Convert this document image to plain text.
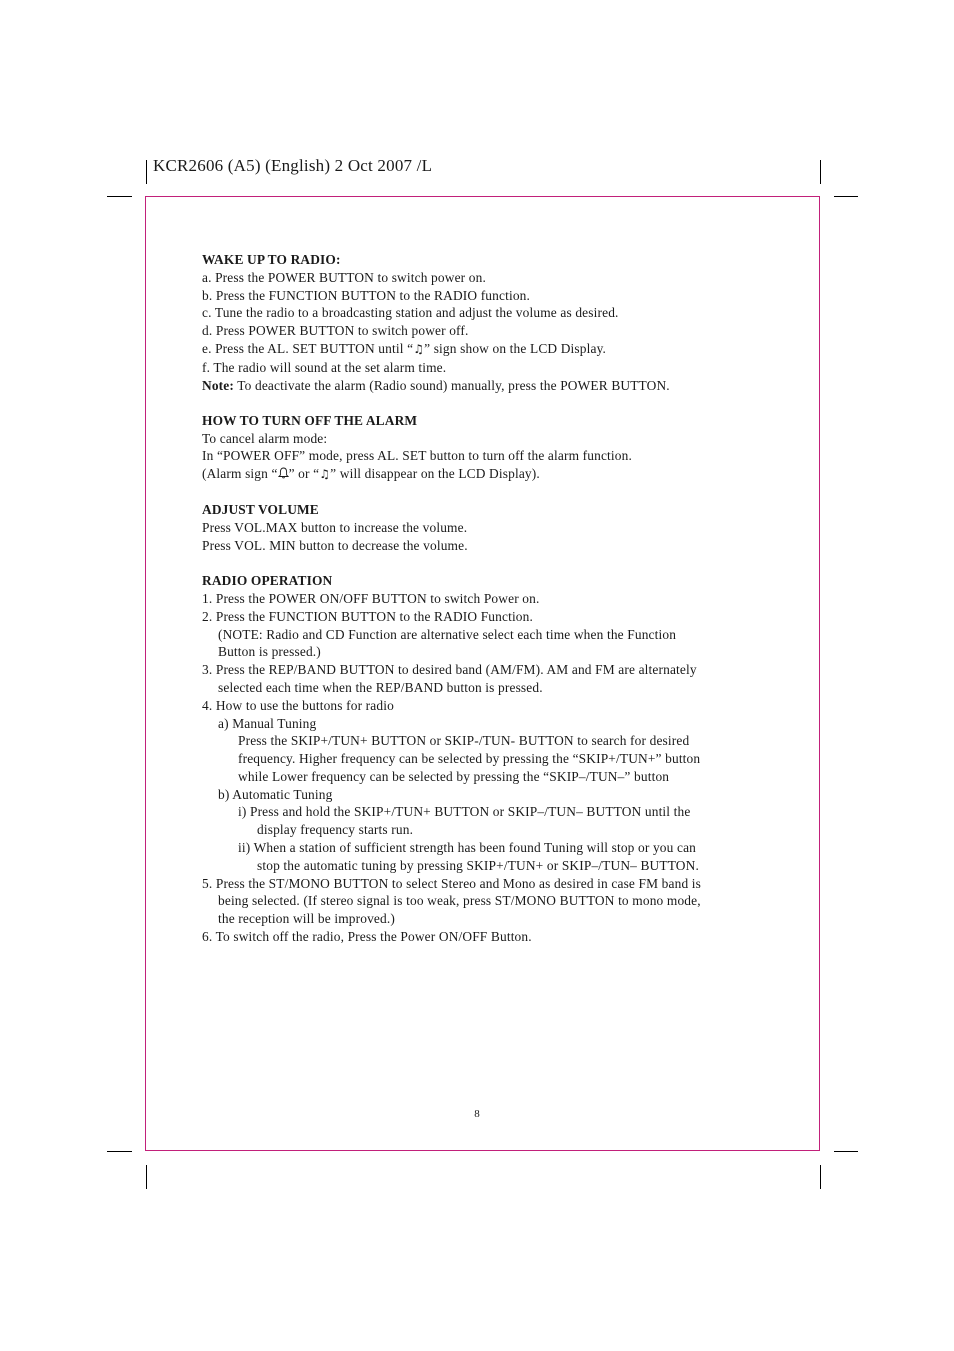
KCR2606 (A5) (English) 2 Oct 2007 /L

WAKE UP TO RADIO:

a. Press the POWER BUTTON to switch power on.

b. Press the FUNCTION BUTTON to the RADIO function.

c. Tune the radio to a broadcasting station and adjust the volume as desired.

d. Press POWER BUTTON to switch power off.

e. Press the AL. SET BUTTON until “♫” sign show on the LCD Display.

f. The radio will sound at the set alarm time.

Note: To deactivate the alarm (Radio sound) manually, press the POWER BUTTON.

HOW TO TURN OFF THE ALARM

To cancel alarm mode:

In “POWER OFF” mode, press AL. SET button to turn off the alarm function.

(Alarm sign “ ” or “♫” will disappear on the LCD Display).

ADJUST VOLUME

Press VOL.MAX button to increase the volume.

Press VOL. MIN button to decrease the volume.

RADIO OPERATION

1. Press the POWER ON/OFF BUTTON to switch Power on.

2. Press the FUNCTION BUTTON to the RADIO Function.

(NOTE: Radio and CD Function are alternative select each time when the Function

Button is pressed.)

3. Press the REP/BAND BUTTON to desired band (AM/FM). AM and FM are alternately

selected each time when the REP/BAND button is pressed.

4. How to use the buttons for radio

a) Manual Tuning

Press the SKIP+/TUN+ BUTTON or SKIP-/TUN- BUTTON to search for desired

frequency. Higher frequency can be selected by pressing the “SKIP+/TUN+” button

while Lower frequency can be selected by pressing the “SKIP–/TUN–” button

b) Automatic Tuning

i) Press and hold the SKIP+/TUN+ BUTTON or SKIP–/TUN– BUTTON until the

display frequency starts run.

ii) When a station of sufficient strength has been found Tuning will stop or you can

stop the automatic tuning by pressing SKIP+/TUN+ or SKIP–/TUN– BUTTON.

5. Press the ST/MONO BUTTON to select Stereo and Mono as desired in case FM band is

being selected. (If stereo signal is too weak, press ST/MONO BUTTON to mono mode,

the reception will be improved.)

6. To switch off the radio, Press the Power ON/OFF Button.

8
